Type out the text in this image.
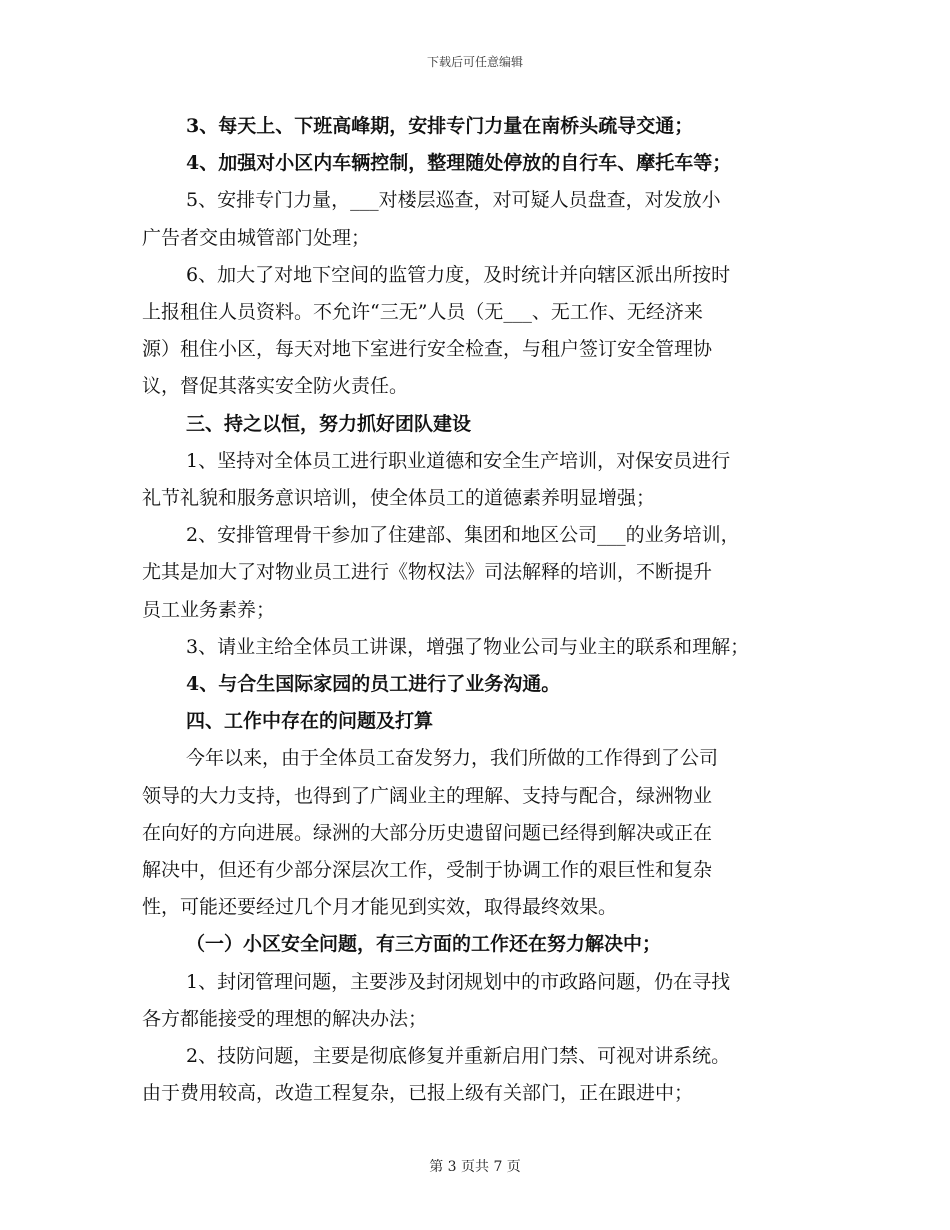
下载后可任意编辑

3、每天上、下班高峰期，安排专门力量在南桥头疏导交通；

4、加强对小区内车辆控制，整理随处停放的自行车、摩托车等；

5、安排专门力量，___对楼层巡查，对可疑人员盘查，对发放小

广告者交由城管部门处理；

6、加大了对地下空间的监管力度，及时统计并向辖区派出所按时

上报租住人员资料。不允许“三无”人员（无___、无工作、无经济来

源）租住小区，每天对地下室进行安全检查，与租户签订安全管理协

议，督促其落实安全防火责任。

三、持之以恒，努力抓好团队建设

1、坚持对全体员工进行职业道德和安全生产培训，对保安员进行

礼节礼貌和服务意识培训，使全体员工的道德素养明显增强；

2、安排管理骨干参加了住建部、集团和地区公司___的业务培训，

尤其是加大了对物业员工进行《物权法》司法解释的培训，不断提升

员工业务素养；

3、请业主给全体员工讲课，增强了物业公司与业主的联系和理解；

4、与合生国际家园的员工进行了业务沟通。

四、工作中存在的问题及打算

今年以来，由于全体员工奋发努力，我们所做的工作得到了公司

领导的大力支持，也得到了广阔业主的理解、支持与配合，绿洲物业

在向好的方向进展。绿洲的大部分历史遗留问题已经得到解决或正在

解决中，但还有少部分深层次工作，受制于协调工作的艰巨性和复杂

性，可能还要经过几个月才能见到实效，取得最终效果。

（一）小区安全问题，有三方面的工作还在努力解决中；

1、封闭管理问题，主要涉及封闭规划中的市政路问题，仍在寻找

各方都能接受的理想的解决办法；

2、技防问题，主要是彻底修复并重新启用门禁、可视对讲系统。

由于费用较高，改造工程复杂，已报上级有关部门，正在跟进中；

第 3 页共 7 页
